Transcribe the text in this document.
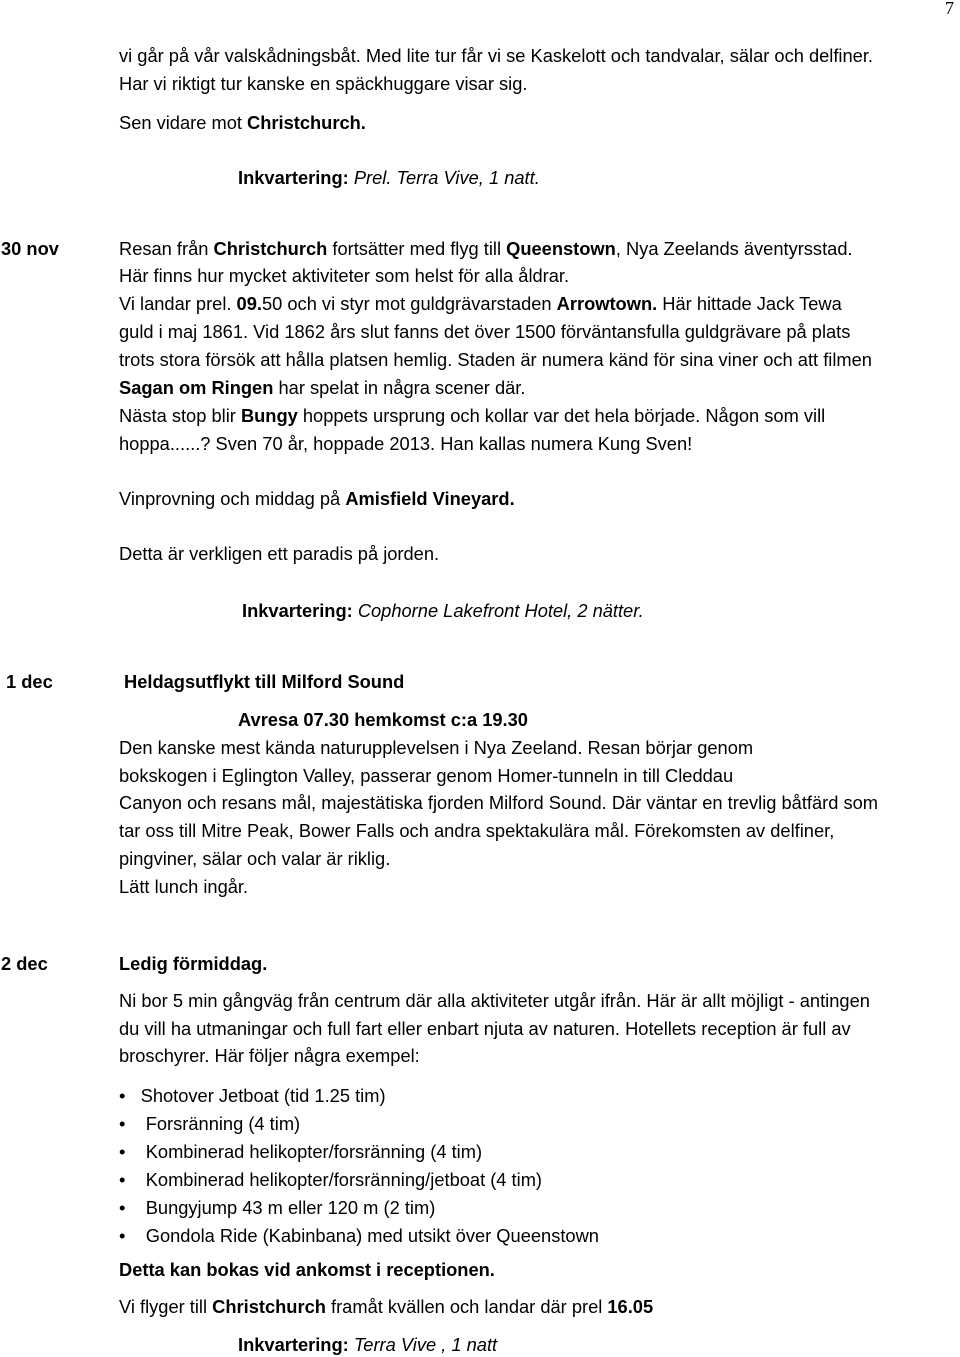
7
vi går på vår valskådningsbåt. Med lite tur får vi se Kaskelott och tandvalar, sälar och delfiner.
Har vi riktigt tur kanske en späckhuggare visar sig.
Sen vidare mot Christchurch.
Inkvartering: Prel. Terra Vive, 1 natt.
30 nov	Resan från Christchurch fortsätter med flyg till Queenstown, Nya Zeelands äventyrsstad.
Här finns hur mycket aktiviteter som helst för alla åldrar.
Vi landar prel. 09.50 och vi styr mot guldgrävarstaden Arrowtown. Här hittade Jack Tewa
guld i maj 1861. Vid 1862 års slut fanns det över 1500 förväntansfulla guldgrävare på plats
trots stora försök att hålla platsen hemlig. Staden är numera känd för sina viner och att filmen
Sagan om Ringen har spelat in några scener där.
Nästa stop blir Bungy hoppets ursprung och kollar var det hela började. Någon som vill
hoppa......? Sven 70 år, hoppade 2013. Han kallas numera Kung Sven!
Vinprovning och middag på Amisfield Vineyard.
Detta är verkligen ett paradis på jorden.
Inkvartering: Cophorne Lakefront Hotel, 2 nätter.
1 dec	Heldagsutflykt till Milford Sound
Avresa 07.30 hemkomst c:a 19.30
Den kanske mest kända naturupplevelsen i Nya Zeeland. Resan börjar genom
bokskogen i Eglington Valley, passerar genom Homer-tunneln in till Cleddau
Canyon och resans mål, majestätiska fjorden Milford Sound. Där väntar en trevlig båtfärd som
tar oss till Mitre Peak, Bower Falls och andra spektakulära mål. Förekomsten av delfiner,
pingviner, sälar och valar är riklig.
Lätt lunch ingår.
2 dec	Ledig förmiddag.
Ni bor 5 min gångväg från centrum där alla aktiviteter utgår ifrån. Här är allt möjligt - antingen
du vill ha utmaningar och full fart eller enbart njuta av naturen. Hotellets reception är full av
broschyrer. Här följer några exempel:
•   Shotover Jetboat (tid 1.25 tim)
•    Forsränning (4 tim)
•    Kombinerad helikopter/forsränning (4 tim)
•    Kombinerad helikopter/forsränning/jetboat (4 tim)
•    Bungyjump 43 m eller 120 m (2 tim)
•    Gondola Ride (Kabinbana) med utsikt över Queenstown
Detta kan bokas vid ankomst i receptionen.
Vi flyger till Christchurch framåt kvällen och landar där prel 16.05
Inkvartering: Terra Vive , 1 natt
